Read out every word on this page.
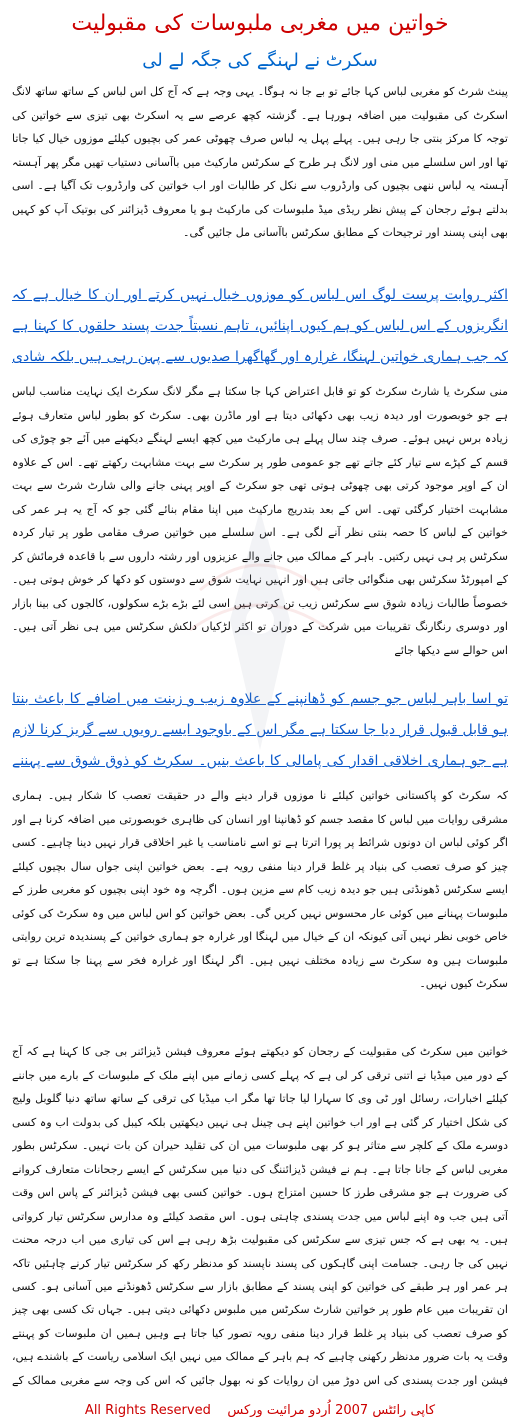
خواتین میں مغربی ملبوسات کی مقبولیت
سکرٹ نے لہنگے کی جگہ لے لی
پینٹ شرٹ کو مغربی لباس کہا جائے تو بے جا نہ ہوگا۔ یہی وجہ ہے کہ آج کل اس لباس کے ساتھ ساتھ لانگ اسکرٹ کی مقبولیت میں اضافہ ہورہا ہے۔ گزشتہ کچھ عرصے سے یہ اسکرٹ بھی تیزی سے خواتین کی توجہ کا مرکز بنتی جا رہی ہیں۔ پہلے پہل یہ لباس صرف چھوٹی عمر کی بچیوں کیلئے موزوں خیال کیا جاتا تھا اور اس سلسلے میں منی اور لانگ ہر طرح کے سکرٹس مارکیٹ میں باآسانی دستیاب تھیں مگر پھر آہستہ آہستہ یہ لباس ننھی بچیوں کی وارڈروب سے نکل کر طالبات اور اب خواتین کی وارڈروب تک آگیا ہے۔ اسی بدلتے ہوئے رجحان کے پیش نظر ریڈی میڈ ملبوسات کی مارکیٹ ہو یا معروف ڈیزائنر کی بوتیک آپ کو کہیں بھی اپنی پسند اور ترجیحات کے مطابق سکرٹس باآسانی مل جائیں گی۔
اکثر روایت پرست لوگ اس لباس کو موزوں خیال نہیں کرتے اور ان کا خیال ہے کہ انگریزوں کے اس لباس کو ہم کیوں اپنائیں، تاہم نسبتاً جدت پسند حلقوں کا کہنا ہے کہ جب ہماری خواتین لہنگا، غرارہ اور گھاگھرا صدیوں سے پہن رہی ہیں بلکہ شادی
منی سکرٹ یا شارٹ سکرٹ کو تو قابل اعتراض کہا جا سکتا ہے مگر لانگ سکرٹ ایک نہایت مناسب لباس ہے جو خوبصورت اور دیدہ زیب بھی دکھائی دیتا ہے اور ماڈرن بھی۔ سکرٹ کو بطور لباس متعارف ہوئے زیادہ برس نہیں ہوئے۔ صرف چند سال پہلے ہی مارکیٹ میں کچھ ایسے لہنگے دیکھنے میں آئے جو چوڑی کی قسم کے کپڑے سے تیار کئے جاتے تھے جو عمومی طور پر سکرٹ سے بہت مشابہت رکھتے تھے۔ اس کے علاوہ ان کے اوپر موجود کرتی بھی چھوٹی ہوتی تھی جو سکرٹ کے اوپر پہنی جانے والی شارٹ شرٹ سے بہت مشابہت اختیار کرگئی تھی۔ اس کے بعد بتدریج مارکیٹ میں اپنا مقام بنائے گئی جو کہ آج یہ ہر عمر کی خواتین کے لباس کا حصہ بنتی نظر آنے لگی ہے۔ اس سلسلے میں خواتین صرف مقامی طور پر تیار کردہ سکرٹس پر ہی نہیں رکتیں۔ باہر کے ممالک میں جانے والے عزیزوں اور رشتہ داروں سے با قاعدہ فرمائش کر کے امپورٹڈ سکرٹس بھی منگوائی جاتی ہیں اور انہیں نہایت شوق سے دوستوں کو دکھا کر خوش ہوتی ہیں۔ خصوصاً طالبات زیادہ شوق سے سکرٹس زیب تن کرتی ہیں اسی لئے بڑے بڑے سکولوں، کالجوں کی بینا بازار اور دوسری رنگارنگ تقریبات میں شرکت کے دوران تو اکثر لڑکیاں دلکش سکرٹس میں ہی نظر آتی ہیں۔ اس حوالے سے دیکھا جائے
تو اسا باہر لباس جو جسم کو ڈھانپنے کے علاوہ زیب و زینت میں اضافے کا باعث بنتا ہو قابل قبول قرار دیا جا سکتا ہے مگر اس کے باوجود ایسے رویوں سے گریز کرنا لازم ہے جو ہماری اخلاقی اقدار کی پامالی کا باعث بنیں۔ سکرٹ کو ذوق شوق سے پہننے
کہ سکرٹ کو پاکستانی خواتین کیلئے نا موزوں قرار دینے والے در حقیقت تعصب کا شکار ہیں۔ ہماری مشرقی روایات میں لباس کا مقصد جسم کو ڈھانپنا اور انسان کی ظاہری خوبصورتی میں اضافہ کرنا ہے اور اگر کوئی لباس ان دونوں شرائط پر پورا اترتا ہے تو اسے نامناسب یا غیر اخلاقی قرار نہیں دینا چاہیے۔ کسی چیز کو صرف تعصب کی بنیاد پر غلط قرار دینا منفی رویہ ہے۔ بعض خواتین اپنی جواں سال بچیوں کیلئے ایسے سکرٹس ڈھونڈتی ہیں جو دیدہ زیب کام سے مزین ہوں۔ اگرچہ وہ خود اپنی بچیوں کو مغربی طرز کے ملبوسات پہنانے میں کوئی عار محسوس نہیں کریں گی۔ بعض خواتین کو اس لباس میں وہ سکرٹ کی کوئی خاص خوبی نظر نہیں آتی کیونکہ ان کے خیال میں لہنگا اور غرارہ جو ہماری خواتین کے پسندیدہ ترین روایتی ملبوسات ہیں وہ سکرٹ سے زیادہ مختلف نہیں ہیں۔ اگر لہنگا اور غرارہ فخر سے پہنا جا سکتا ہے تو سکرٹ کیوں نہیں۔
خواتین میں سکرٹ کی مقبولیت کے رجحان کو دیکھتے ہوئے معروف فیشن ڈیزائنر بی جی کا کہنا ہے کہ آج کے دور میں میڈیا نے اتنی ترقی کر لی ہے کہ پہلے کسی زمانے میں اپنے ملک کے ملبوسات کے بارے میں جاننے کیلئے اخبارات، رسائل اور ٹی وی کا سہارا لیا جاتا تھا مگر اب میڈیا کی ترقی کے ساتھ ساتھ دنیا گلوبل ولیج کی شکل اختیار کر گئی ہے اور اب خواتین اپنے ہی چینل ہی نہیں دیکھتیں بلکہ کیبل کی بدولت اب وہ کسی دوسرے ملک کے کلچر سے متاثر ہو کر بھی ملبوسات میں ان کی تقلید حیران کن بات نہیں۔ سکرٹس بطور مغربی لباس کے جانا جاتا ہے۔ ہم نے فیشن ڈیزائننگ کی دنیا میں سکرٹس کے ایسے رجحانات متعارف کروانے کی ضرورت ہے جو مشرقی طرز کا حسین امتزاج ہوں۔ خواتین کسی بھی فیشن ڈیزائنر کے پاس اس وقت آتی ہیں جب وہ اپنے لباس میں جدت پسندی چاہتی ہوں۔ اس مقصد کیلئے وہ مدارس سکرٹس تیار کرواتی ہیں۔ یہ بھی ہے کہ جس تیزی سے سکرٹس کی مقبولیت بڑھ رہی ہے اس کی تیاری میں اب درجہ محنت نہیں کی جا رہی۔ جسامت اپنی گاہکوں کی پسند ناپسند کو مدنظر رکھ کر سکرٹس تیار کرنے چاہئیں تاکہ ہر عمر اور ہر طبقے کی خواتین کو اپنی پسند کے مطابق بازار سے سکرٹس ڈھونڈنے میں آسانی ہو۔ کسی
ان تقریبات میں عام طور پر خواتین شارٹ سکرٹس میں ملبوس دکھائی دیتی ہیں۔ جہاں تک کسی بھی چیز کو صرف تعصب کی بنیاد پر غلط قرار دینا منفی رویہ تصور کیا جاتا ہے وہیں ہمیں ان ملبوسات کو پہنتے وقت یہ بات ضرور مدنظر رکھنی چاہیے کہ ہم باہر کے ممالک میں نہیں ایک اسلامی ریاست کے باشندے ہیں، فیشن اور جدت پسندی کی اس دوڑ میں ان روایات کو نہ بھول جائیں کہ اس کی وجہ سے مغربی ممالک کے
All Rights Reserved کاپی رائٹس 2007 اُردو مرائیت ورکس
